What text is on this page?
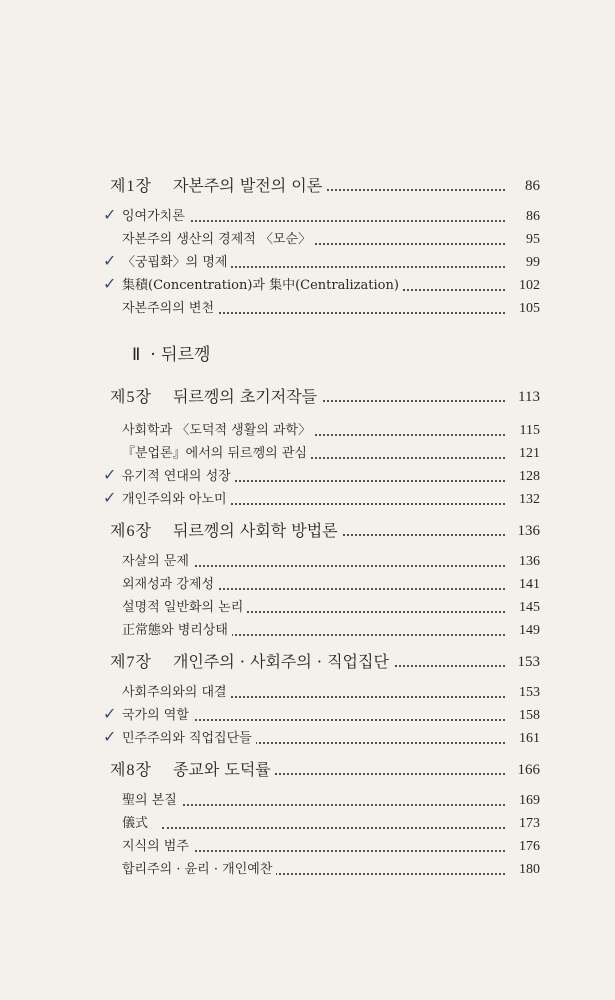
제1장 자본주의 발전의 이론	86
✓ 잉여가치론	86
자본주의 생산의 경제적 〈모순〉	95
✓ 〈궁핍화〉의 명제	99
✓ 集積(Concentration)과 集中(Centralization)	102
자본주의의 변천	105
제5장 뒤르껭의 초기저작들	113
사회학과 〈도덕적 생활의 과학〉	115
『분업론』에서의 뒤르껭의 관심	121
✓ 유기적 연대의 성장	128
✓ 개인주의와 아노미	132
제6장 뒤르껭의 사회학 방법론	136
자살의 문제	136
외재성과 강제성	141
설명적 일반화의 논리	145
正常態와 병리상태	149
제7장 개인주의 · 사회주의 · 직업집단	153
사회주의와의 대결	153
✓ 국가의 역할	158
✓ 민주주의와 직업집단들	161
제8장 종교와 도덕률	166
聖의 본질	169
儀式	173
지식의 범주	176
합리주의 · 윤리 · 개인예찬	180
Ⅱ · 뒤르껭
